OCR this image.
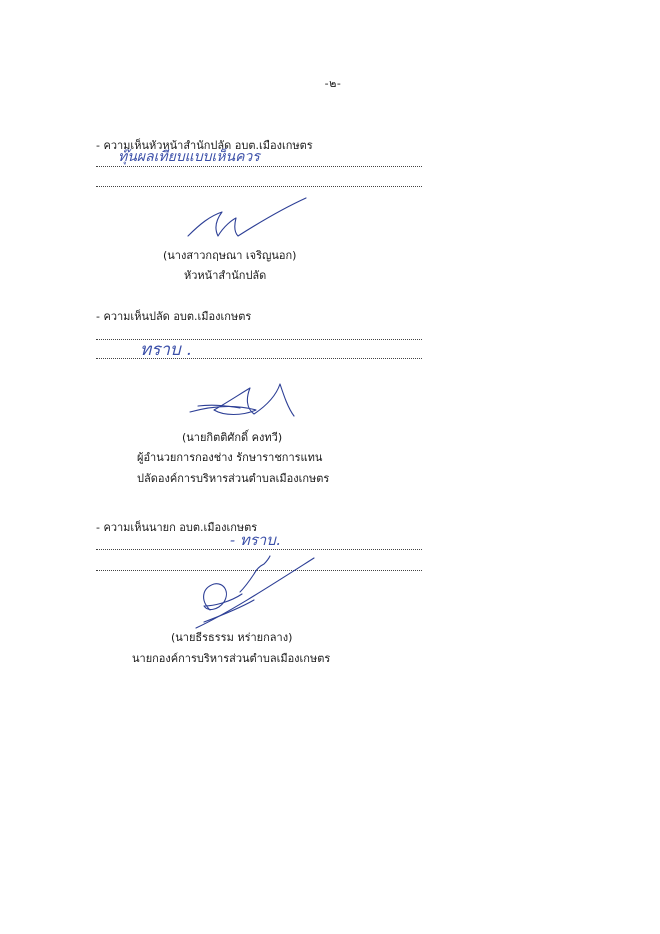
-๒-
- ความเห็นหัวหน้าสำนักปลัด อบต.เมืองเกษตร
ทุ๊นผลเทียบแบบเห็นควร
(นางสาวกฤษณา เจริญนอก)
หัวหน้าสำนักปลัด
- ความเห็นปลัด อบต.เมืองเกษตร
ทราบ .
(นายกิตติศักดิ์ คงทวี)
ผู้อำนวยการกองช่าง รักษาราชการแทน
ปลัดองค์การบริหารส่วนตำบลเมืองเกษตร
- ความเห็นนายก อบต.เมืองเกษตร
- ทราบ.
(นายธีรธรรม หร่ายกลาง)
นายกองค์การบริหารส่วนตำบลเมืองเกษตร
